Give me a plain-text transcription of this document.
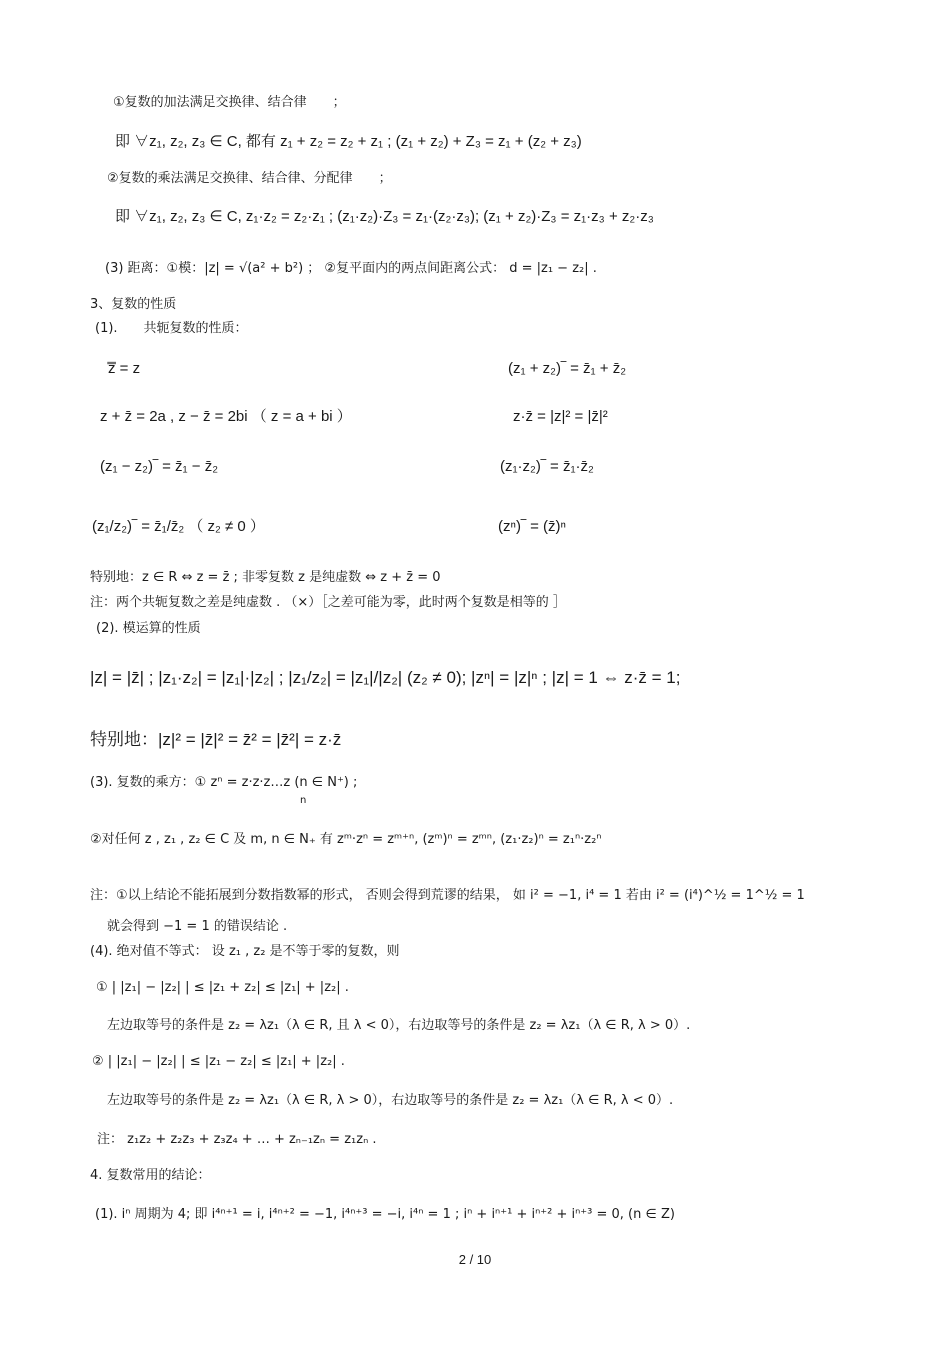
①复数的加法满足交换律、结合律　　；
即 ∀z₁, z₂, z₃ ∈ C, 都有 z₁ + z₂ = z₂ + z₁ ; (z₁ + z₂) + Z₃ = z₁ + (z₂ + z₃)
②复数的乘法满足交换律、结合律、分配律　　；
即 ∀z₁, z₂, z₃ ∈ C, z₁·z₂ = z₂·z₁ ; (z₁·z₂)·Z₃ = z₁·(z₂·z₃); (z₁ + z₂)·Z₃ = z₁·z₃ + z₂·z₃
(3) 距离：①模：|z| = √(a² + b²) ； ②复平面内的两点间距离公式： d = |z₁ − z₂| .
3、复数的性质
(1).　　共轭复数的性质：
z̿ = z	(z₁ + z₂)‾ = z̄₁ + z̄₂
z + z̄ = 2a , z − z̄ = 2bi （ z = a + bi ）	z·z̄ = |z|² = |z̄|²
(z₁ − z₂)‾ = z̄₁ − z̄₂	(z₁·z₂)‾ = z̄₁·z̄₂
(z₁/z₂)‾ = z̄₁/z̄₂ （ z₂ ≠ 0 ）	(zⁿ)‾ = (z̄)ⁿ
特别地：z ∈ R ⇔ z = z̄ ; 非零复数 z 是纯虚数 ⇔ z + z̄ = 0
注：两个共轭复数之差是纯虚数 . （×）［之差可能为零，此时两个复数是相等的 ］
(2). 模运算的性质
|z| = |z̄| ; |z₁·z₂| = |z₁|·|z₂| ; |z₁/z₂| = |z₁|/|z₂| (z₂ ≠ 0); |zⁿ| = |z|ⁿ ; |z| = 1 ⇔ z·z̄ = 1;
特别地：|z|² = |z̄|² = z̄² = |z̄²| = z·z̄
(3). 复数的乘方：① zⁿ = z·z·z…z (n ∈ N⁺) ;
n
②对任何 z , z₁ , z₂ ∈ C 及 m, n ∈ N₊ 有 zᵐ·zⁿ = zᵐ⁺ⁿ, (zᵐ)ⁿ = zᵐⁿ, (z₁·z₂)ⁿ = z₁ⁿ·z₂ⁿ
注：①以上结论不能拓展到分数指数幂的形式， 否则会得到荒谬的结果， 如 i² = −1, i⁴ = 1 若由 i² = (i⁴)^½ = 1^½ = 1
就会得到 −1 = 1 的错误结论 .
(4). 绝对值不等式： 设 z₁ , z₂ 是不等于零的复数，则
① | |z₁| − |z₂| | ≤ |z₁ + z₂| ≤ |z₁| + |z₂| .
左边取等号的条件是 z₂ = λz₁（λ ∈ R, 且 λ < 0），右边取等号的条件是 z₂ = λz₁（λ ∈ R, λ > 0）.
② | |z₁| − |z₂| | ≤ |z₁ − z₂| ≤ |z₁| + |z₂| .
左边取等号的条件是 z₂ = λz₁（λ ∈ R, λ > 0），右边取等号的条件是 z₂ = λz₁（λ ∈ R, λ < 0）.
注： z₁z₂ + z₂z₃ + z₃z₄ + … + zₙ₋₁zₙ = z₁zₙ .
4. 复数常用的结论：
(1). iⁿ 周期为 4; 即 i⁴ⁿ⁺¹ = i, i⁴ⁿ⁺² = −1, i⁴ⁿ⁺³ = −i, i⁴ⁿ = 1 ; iⁿ + iⁿ⁺¹ + iⁿ⁺² + iⁿ⁺³ = 0, (n ∈ Z)
2 / 10
